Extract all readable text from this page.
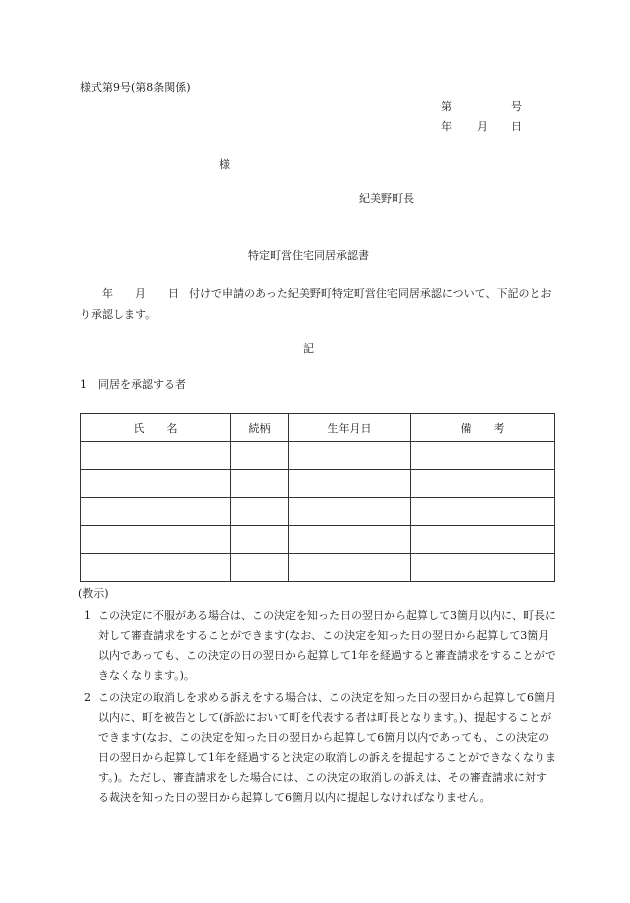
様式第9号(第8条関係)
第	号
年 月 日
様
紀美野町長
特定町営住宅同居承認書
年 月 日 付けで申請のあった紀美野町特定町営住宅同居承認について、下記のとおり承認します。
記
1　同居を承認する者
氏　　名	続柄	生年月日	備　　考

(教示)
1 この決定に不服がある場合は、この決定を知った日の翌日から起算して3箇月以内に、町長に対して審査請求をすることができます(なお、この決定を知った日の翌日から起算して3箇月以内であっても、この決定の日の翌日から起算して1年を経過すると審査請求をすることができなくなります。)。
2 この決定の取消しを求める訴えをする場合は、この決定を知った日の翌日から起算して6箇月以内に、町を被告として(訴訟において町を代表する者は町長となります。)、提起することができます(なお、この決定を知った日の翌日から起算して6箇月以内であっても、この決定の日の翌日から起算して1年を経過すると決定の取消しの訴えを提起することができなくなります。)。ただし、審査請求をした場合には、この決定の取消しの訴えは、その審査請求に対する裁決を知った日の翌日から起算して6箇月以内に提起しなければなりません。
